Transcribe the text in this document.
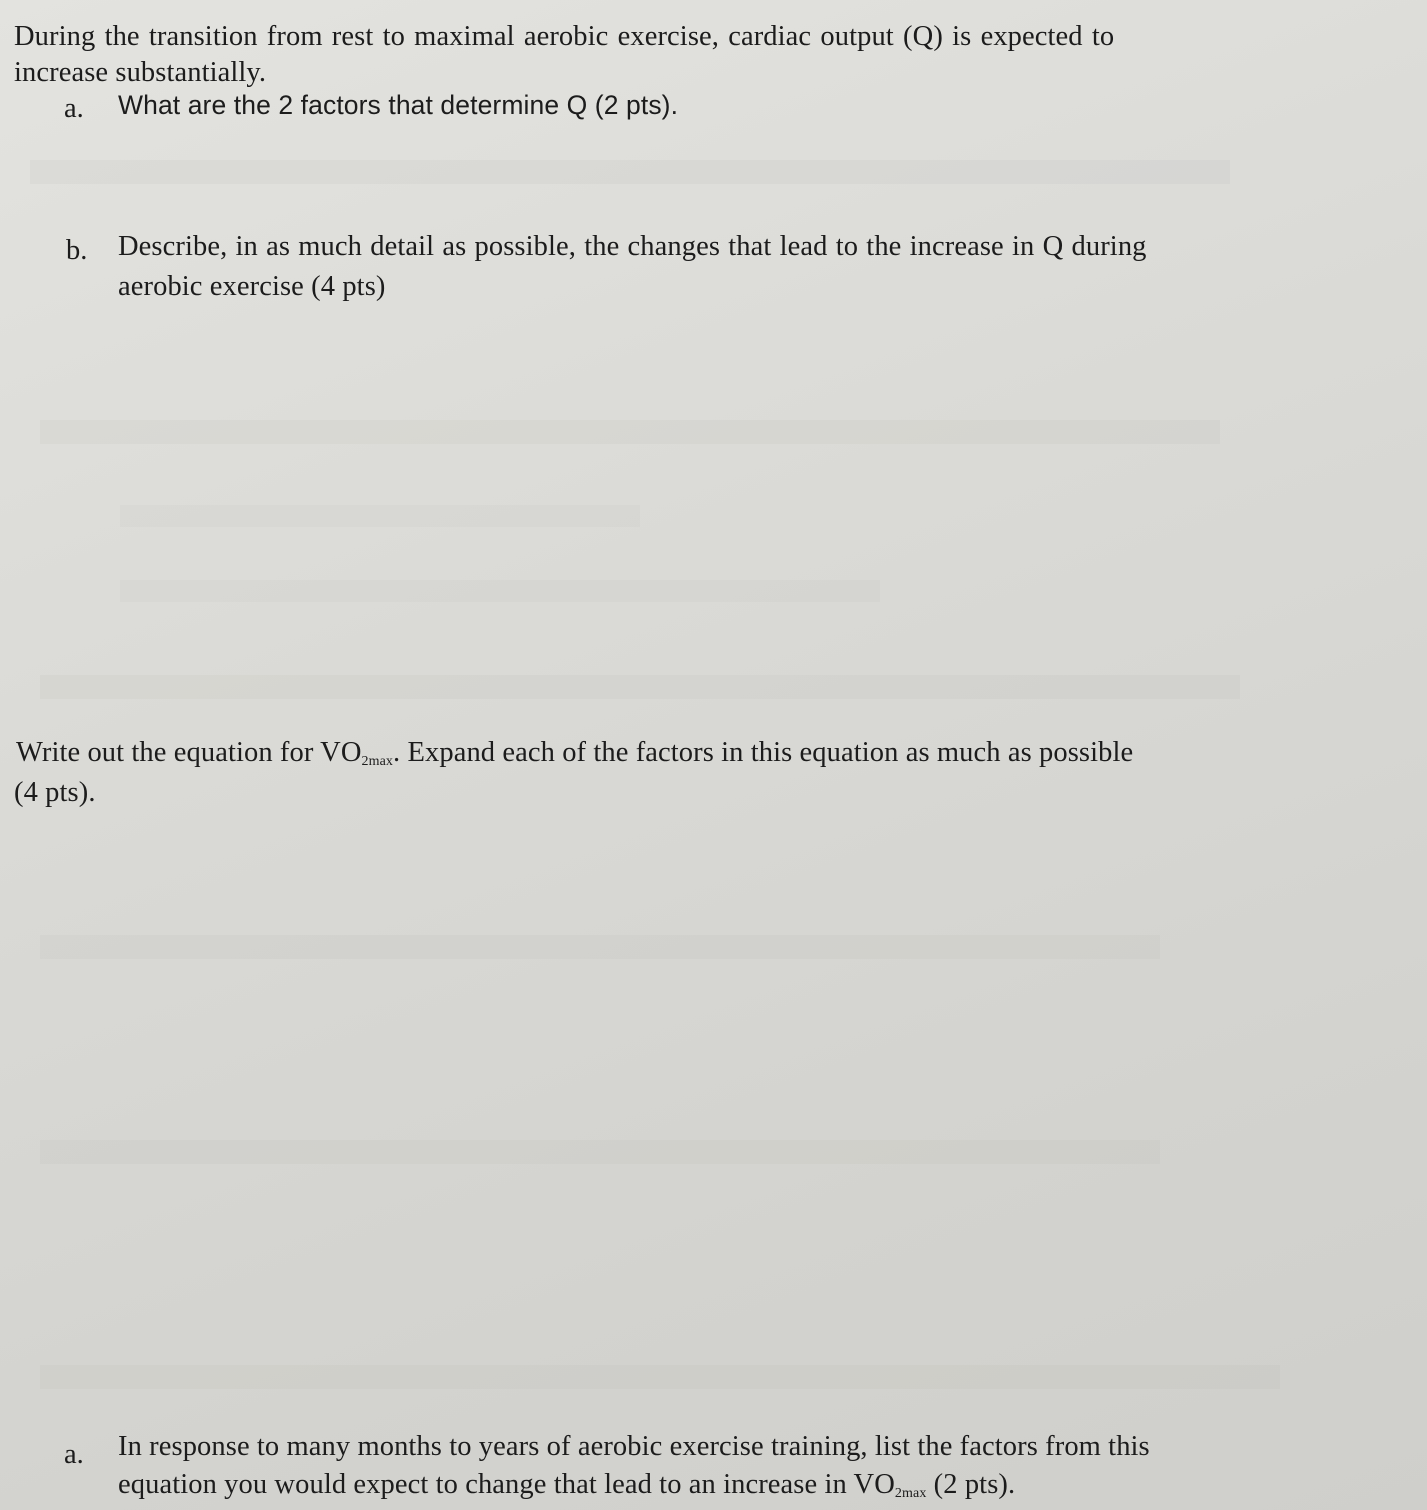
During the transition from rest to maximal aerobic exercise, cardiac output (Q) is expected to
increase substantially.
a. What are the 2 factors that determine Q (2 pts).
b. Describe, in as much detail as possible, the changes that lead to the increase in Q during
aerobic exercise (4 pts)
Write out the equation for $VO_{2max}$. Expand each of the factors in this equation as much as possible
(4 pts).
a. In response to many months to years of aerobic exercise training, list the factors from this
equation you would expect to change that lead to an increase in $VO_{2max}$ (2 pts).
